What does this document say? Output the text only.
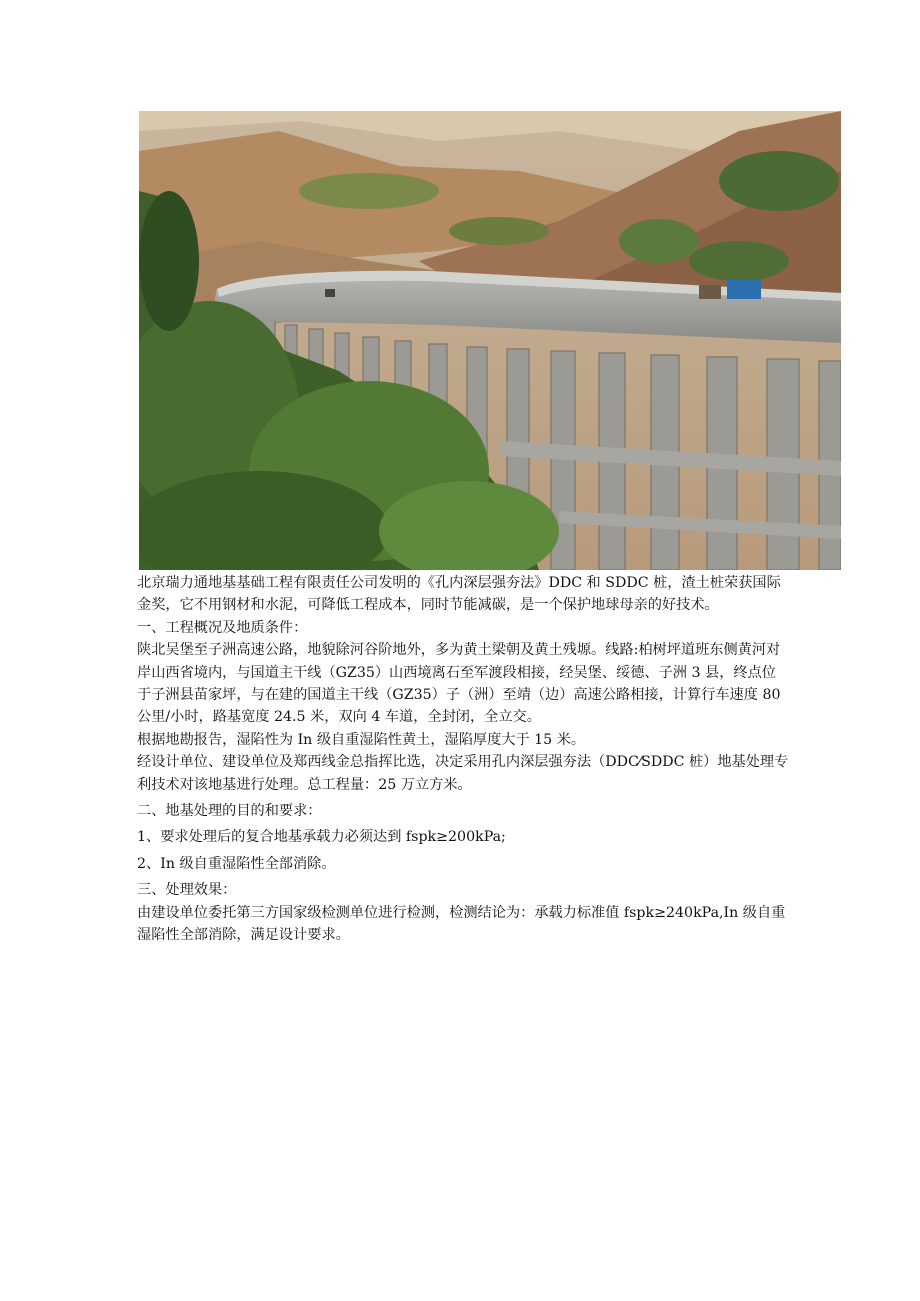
北京瑞力通地基基础工程有限责任公司发明的《孔内深层强夯法》DDC 和 SDDC 桩，渣土桩荣获国际金奖，它不用钢材和水泥，可降低工程成本，同时节能减碳，是一个保护地球母亲的好技术。

一、工程概况及地质条件：

陕北吴堡至子洲高速公路，地貌除河谷阶地外，多为黄土梁朝及黄土残塬。线路:柏树坪道班东侧黄河对岸山西省境内，与国道主干线（GZ35）山西境离石至军渡段相接，经吴堡、绥德、子洲 3 县，终点位于子洲县苗家坪，与在建的国道主干线（GZ35）子（洲）至靖（边）高速公路相接，计算行车速度 80 公里/小时，路基宽度 24.5 米，双向 4 车道，全封闭，全立交。

根据地勘报告，湿陷性为 In 级自重湿陷性黄土，湿陷厚度大于 15 米。

经设计单位、建设单位及郑西线金总指挥比选，决定采用孔内深层强夯法（DDC⁄SDDC 桩）地基处理专利技术对该地基进行处理。总工程量：25 万立方米。

二、地基处理的目的和要求：

1、要求处理后的复合地基承载力必须达到 fspk≥200kPa;

2、In 级自重湿陷性全部消除。

三、处理效果：

由建设单位委托第三方国家级检测单位进行检测，检测结论为：承载力标准值 fspk≥240kPa,In 级自重湿陷性全部消除，满足设计要求。
